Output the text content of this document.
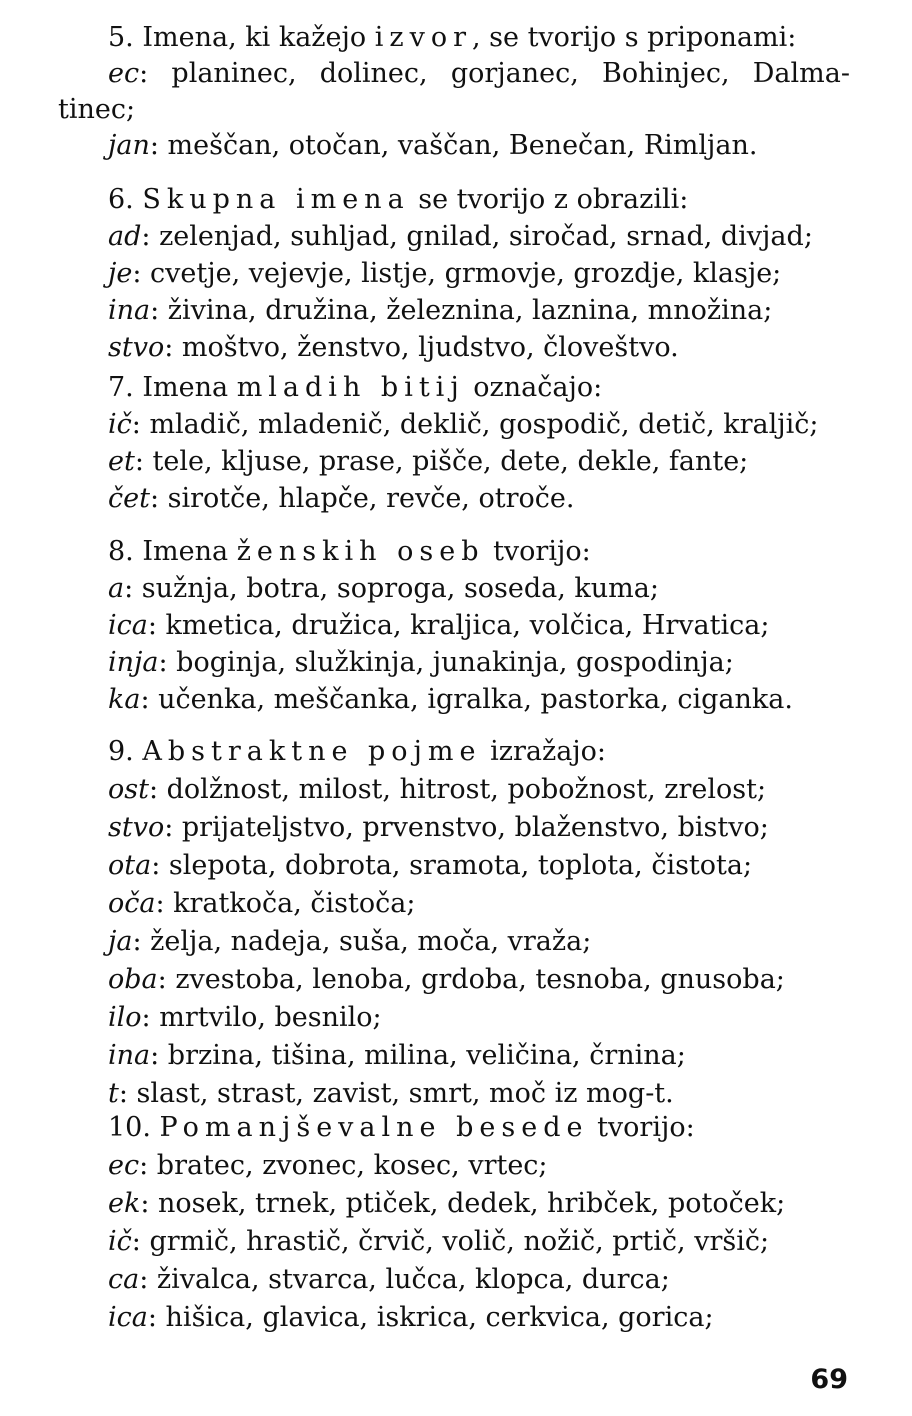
5. Imena, ki kažejo izvor, se tvorijo s priponami:
ec: planinec, dolinec, gorjanec, Bohinjec, Dalma-
tinec;
jan: meščan, otočan, vaščan, Benečan, Rimljan.
6. Skupna imena se tvorijo z obrazili:
ad: zelenjad, suhljad, gnilad, siročad, srnad, divjad;
je: cvetje, vejevje, listje, grmovje, grozdje, klasje;
ina: živina, družina, železnina, laznina, množina;
stvo: moštvo, ženstvo, ljudstvo, človeštvo.
7. Imena mladih bitij označajo:
ič: mladič, mladenič, deklič, gospodič, detič, kraljič;
et: tele, kljuse, prase, pišče, dete, dekle, fante;
čet: sirotče, hlapče, revče, otroče.
8. Imena ženskih oseb tvorijo:
a: sužnja, botra, soproga, soseda, kuma;
ica: kmetica, družica, kraljica, volčica, Hrvatica;
inja: boginja, služkinja, junakinja, gospodinja;
ka: učenka, meščanka, igralka, pastorka, ciganka.
9. Abstraktne pojme izražajo:
ost: dolžnost, milost, hitrost, pobožnost, zrelost;
stvo: prijateljstvo, prvenstvo, blaženstvo, bistvo;
ota: slepota, dobrota, sramota, toplota, čistota;
oča: kratkoča, čistoča;
ja: želja, nadeja, suša, moča, vraža;
oba: zvestoba, lenoba, grdoba, tesnoba, gnusoba;
ilo: mrtvilo, besnilo;
ina: brzina, tišina, milina, veličina, črnina;
t: slast, strast, zavist, smrt, moč iz mog-t.
10. Pomanjševalne besede tvorijo:
ec: bratec, zvonec, kosec, vrtec;
ek: nosek, trnek, ptiček, dedek, hribček, potoček;
ič: grmič, hrastič, črvič, volič, nožič, prtič, vršič;
ca: živalca, stvarca, lučca, klopca, durca;
ica: hišica, glavica, iskrica, cerkvica, gorica;
69
